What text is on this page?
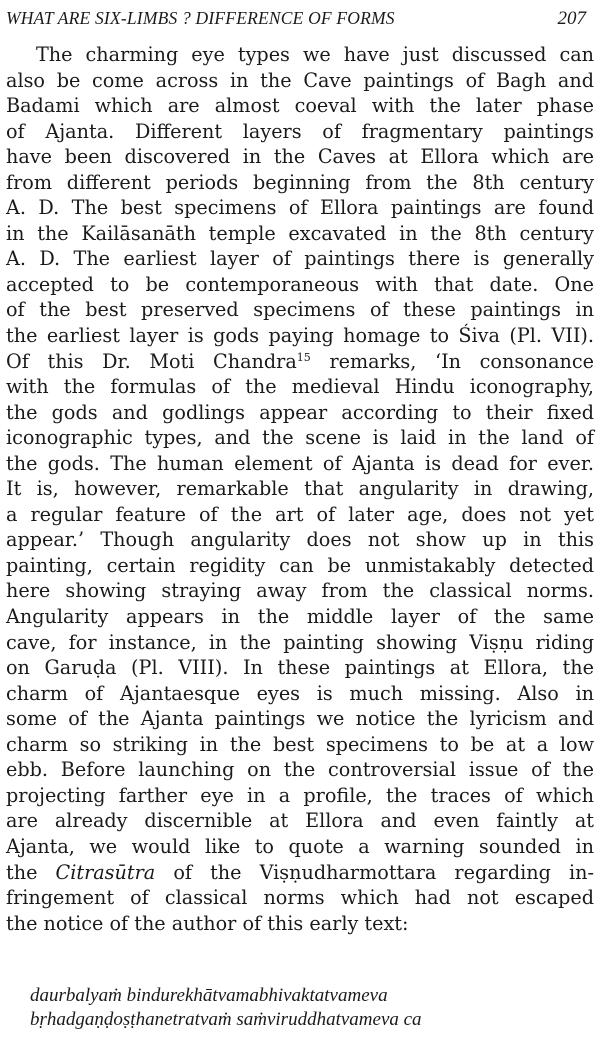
WHAT ARE SIX-LIMBS ? DIFFERENCE OF FORMS	207
The charming eye types we have just discussed can
also be come across in the Cave paintings of Bagh and
Badami which are almost coeval with the later phase
of Ajanta. Different layers of fragmentary paintings
have been discovered in the Caves at Ellora which are
from different periods beginning from the 8th century
A. D. The best specimens of Ellora paintings are found
in the Kailāsanāth temple excavated in the 8th century
A. D. The earliest layer of paintings there is generally
accepted to be contemporaneous with that date. One
of the best preserved specimens of these paintings in
the earliest layer is gods paying homage to Śiva (Pl. VII).
Of this Dr. Moti Chandra$^{15}$ remarks, ‘In consonance
with the formulas of the medieval Hindu iconography,
the gods and godlings appear according to their fixed
iconographic types, and the scene is laid in the land of
the gods. The human element of Ajanta is dead for ever.
It is, however, remarkable that angularity in drawing,
a regular feature of the art of later age, does not yet
appear.’ Though angularity does not show up in this
painting, certain regidity can be unmistakably detected
here showing straying away from the classical norms.
Angularity appears in the middle layer of the same
cave, for instance, in the painting showing Viṣṇu riding
on Garuḍa (Pl. VIII). In these paintings at Ellora, the
charm of Ajantaesque eyes is much missing. Also in
some of the Ajanta paintings we notice the lyricism and
charm so striking in the best specimens to be at a low
ebb. Before launching on the controversial issue of the
projecting farther eye in a profile, the traces of which
are already discernible at Ellora and even faintly at
Ajanta, we would like to quote a warning sounded in
the Citrasūtra of the Viṣṇudharmottara regarding in-
fringement of classical norms which had not escaped
the notice of the author of this early text:
daurbalyaṁ bindurekhātvamabhivaktatvameva
bṛhadgaṇḍoṣṭhanetratvaṁ saṁviruddhatvameva ca
